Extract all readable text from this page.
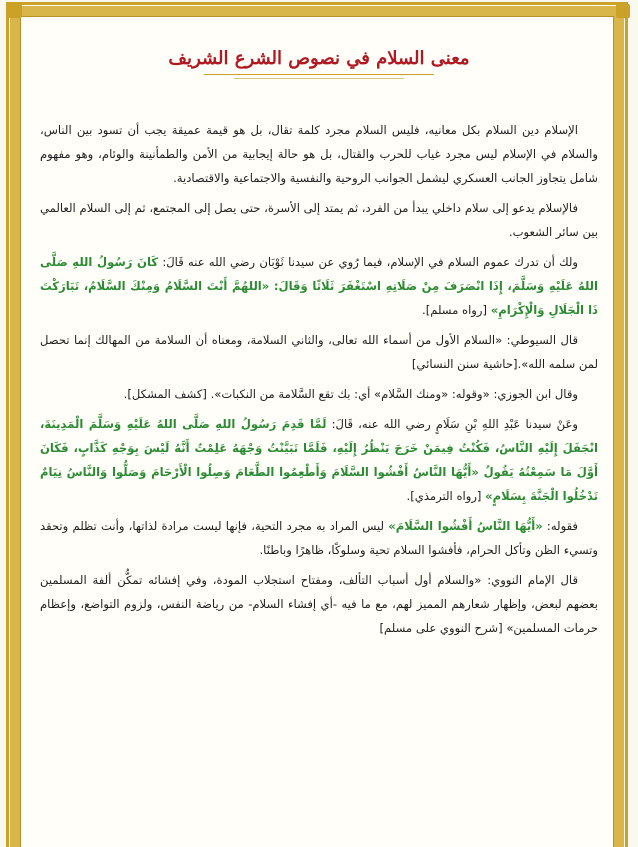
معنى السلام في نصوص الشرع الشريف

الإسلام دين السلام بكل معانيه، فليس السلام مجرد كلمة تقال، بل هو قيمة عميقة يجب أن تسود بين الناس، والسلام في الإسلام ليس مجرد غياب للحرب والقتال، بل هو حالة إيجابية من الأمن والطمأنينة والوئام، وهو مفهوم شامل يتجاوز الجانب العسكري ليشمل الجوانب الروحية والنفسية والاجتماعية والاقتصادية.

فالإسلام يدعو إلى سلام داخلي يبدأ من الفرد، ثم يمتد إلى الأسرة، حتى يصل إلى المجتمع، ثم إلى السلام العالمي بين سائر الشعوب.

ولك أن تدرك عموم السلام في الإسلام، فيما رُوي عن سيدنا ثَوْبَان رضي الله عنه قَالَ: كَانَ رَسُولُ اللهِ صَلَّى اللهُ عَلَيْهِ وَسَلَّمَ، إِذَا انْصَرَفَ مِنْ صَلَاتِهِ اسْتَغْفَرَ ثَلَاثًا وَقَالَ: «اللهُمَّ أَنْتَ السَّلَامُ وَمِنْكَ السَّلَامُ، تَبَارَكْتَ ذَا الْجَلَالِ وَالْإِكْرَامِ» [رواه مسلم].

قال السيوطي: «السلام الأول من أسماء الله تعالى، والثاني السلامة، ومعناه أن السلامة من المهالك إنما تحصل لمن سلمه الله».[حاشية سنن النسائي]

وقال ابن الجوزي: «وقوله: «ومنك السَّلام» أي: بك تقع السَّلامة من النكبات». [كشف المشكل].

وعَنْ سيدنا عَبْدِ اللهِ بْنِ سَلَامٍ رضي الله عنه، قَالَ: لَمَّا قَدِمَ رَسُولُ اللهِ صَلَّى اللهُ عَلَيْهِ وَسَلَّمَ الْمَدِينَةَ، انْجَفَلَ إِلَيْهِ النَّاسُ، فَكُنْتُ فِيمَنْ خَرَجَ يَنْظُرُ إِلَيْهِ، فَلَمَّا تَبَيَّنْتُ وَجْهَهُ عَلِمْتُ أَنَّهُ لَيْسَ بِوَجْهِ كَذَّابٍ، فَكَانَ أَوَّلَ مَا سَمِعْتُهُ يَقُولُ «أَيُّهَا النَّاسُ أَفْشُوا السَّلَامَ وَأَطْعِمُوا الطَّعَامَ وَصِلُوا الْأَرْحَامَ وَصَلُّوا وَالنَّاسُ نِيَامٌ تَدْخُلُوا الْجَنَّةَ بِسَلَامٍ» [رواه الترمذي].

فقوله: «أَيُّهَا النَّاسُ أَفْشُوا السَّلَامَ» ليس المراد به مجرد التحية، فإنها ليست مرادة لذاتها، وأنت تظلم وتحقد وتسيء الظن وتأكل الحرام، فأفشوا السلام تحية وسلوكًا، ظاهرًا وباطنًا.

قال الإمام النووي: «والسلام أول أسباب التألف، ومفتاح استجلاب المودة، وفي إفشائه تمكُّن ألفة المسلمين بعضهم لبعض، وإظهار شعارهم المميز لهم، مع ما فيه -أي إفشاء السلام- من رياضة النفس، ولزوم التواضع، وإعظام حرمات المسلمين» [شرح النووي على مسلم]
